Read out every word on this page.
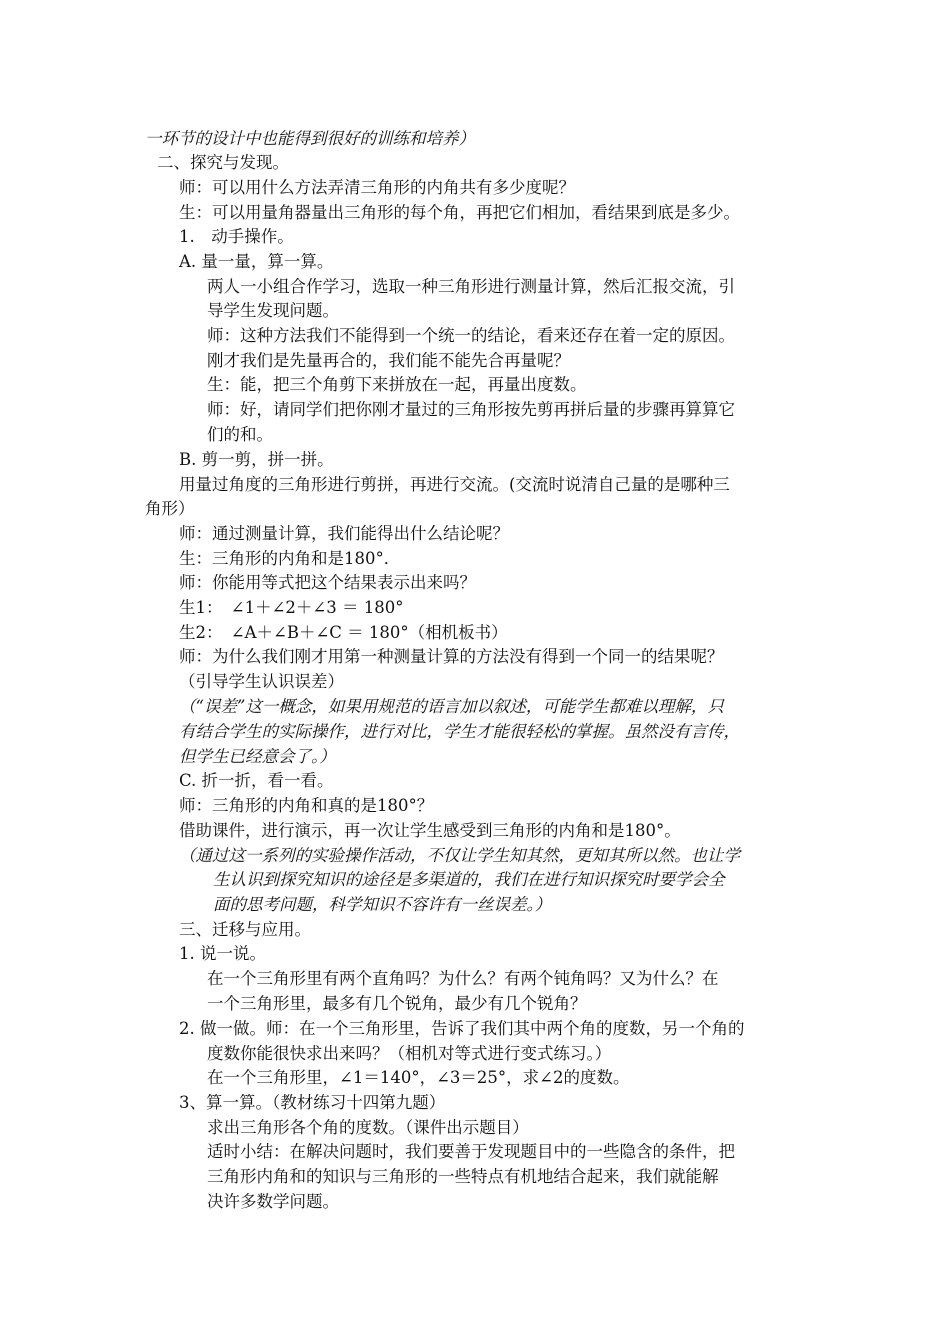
一环节的设计中也能得到很好的训练和培养）
二、探究与发现。
师：可以用什么方法弄清三角形的内角共有多少度呢？
生：可以用量角器量出三角形的每个角，再把它们相加，看结果到底是多少。
1.　动手操作。
A. 量一量，算一算。
两人一小组合作学习，选取一种三角形进行测量计算，然后汇报交流，引
导学生发现问题。
师：这种方法我们不能得到一个统一的结论，看来还存在着一定的原因。
刚才我们是先量再合的，我们能不能先合再量呢？
生：能，把三个角剪下来拼放在一起，再量出度数。
师：好，请同学们把你刚才量过的三角形按先剪再拼后量的步骤再算算它
们的和。
B. 剪一剪，拼一拼。
用量过角度的三角形进行剪拼，再进行交流。(交流时说清自己量的是哪种三
角形）
师：通过测量计算，我们能得出什么结论呢？
生：三角形的内角和是180°．
师：你能用等式把这个结果表示出来吗？
生1：　∠1＋∠2＋∠3 ＝ 180°
生2：　∠A＋∠B＋∠C ＝ 180°（相机板书）
师：为什么我们刚才用第一种测量计算的方法没有得到一个同一的结果呢？
（引导学生认识误差）
（“误差”这一概念，如果用规范的语言加以叙述，可能学生都难以理解，只
有结合学生的实际操作，进行对比，学生才能很轻松的掌握。虽然没有言传，
但学生已经意会了。）
C. 折一折，看一看。
师：三角形的内角和真的是180°？
借助课件，进行演示，再一次让学生感受到三角形的内角和是180°。
（通过这一系列的实验操作活动，不仅让学生知其然，更知其所以然。也让学
生认识到探究知识的途径是多渠道的，我们在进行知识探究时要学会全
面的思考问题，科学知识不容许有一丝误差。）
三、迁移与应用。
1. 说一说。
在一个三角形里有两个直角吗？为什么？有两个钝角吗？又为什么？在
一个三角形里，最多有几个锐角，最少有几个锐角？
2. 做一做。师：在一个三角形里，告诉了我们其中两个角的度数，另一个角的
度数你能很快求出来吗？（相机对等式进行变式练习。）
在一个三角形里，∠1＝140°，∠3＝25°，求∠2的度数。
3、算一算。（教材练习十四第九题）
求出三角形各个角的度数。（课件出示题目）
适时小结：在解决问题时，我们要善于发现题目中的一些隐含的条件，把
三角形内角和的知识与三角形的一些特点有机地结合起来，我们就能解
决许多数学问题。
